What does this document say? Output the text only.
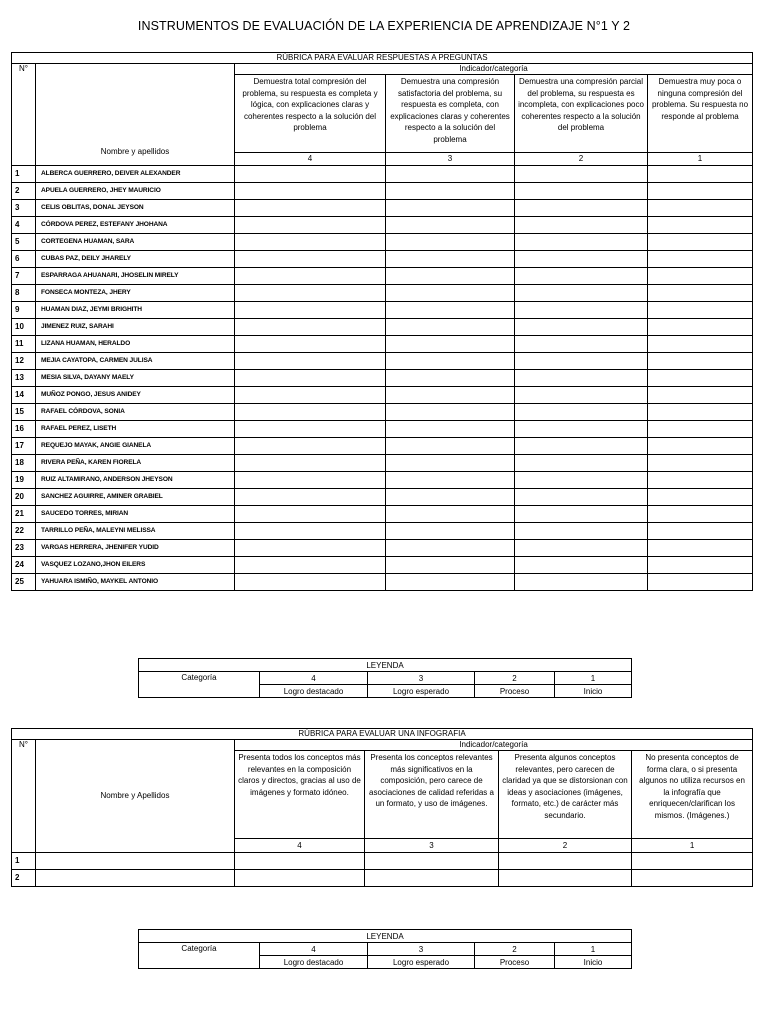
INSTRUMENTOS DE EVALUACIÓN DE LA EXPERIENCIA DE APRENDIZAJE N°1 Y 2
RÚBRICA PARA EVALUAR RESPUESTAS A PREGUNTAS					
N°	Nombre y apellidos	Indicador/categoría			
		Demuestra total compresión del problema, su respuesta es completa y lógica, con explicaciones claras y coherentes respecto a la solución del problema	Demuestra una compresión satisfactoria del problema, su respuesta es completa, con explicaciones claras y coherentes respecto a la solución del problema	Demuestra una compresión parcial del problema, su respuesta es incompleta, con explicaciones poco coherentes respecto a la solución del problema	Demuestra muy poca o ninguna compresión del problema. Su respuesta no responde al problema
		4	3	2	1
1	ALBERCA GUERRERO, DEIVER ALEXANDER				
2	APUELA GUERRERO, JHEY MAURICIO				
3	CELIS OBLITAS, DONAL JEYSON				
4	CÓRDOVA PEREZ, ESTEFANY JHOHANA				
5	CORTEGENA HUAMAN, SARA				
6	CUBAS PAZ, DEILY JHARELY				
7	ESPARRAGA AHUANARI, JHOSELIN MIRELY				
8	FONSECA MONTEZA, JHERY				
9	HUAMAN DIAZ, JEYMI BRIGHITH				
10	JIMENEZ RUIZ, SARAHI				
11	LIZANA HUAMAN, HERALDO				
12	MEJIA CAYATOPA, CARMEN JULISA				
13	MESIA SILVA, DAYANY MAELY				
14	MUÑOZ PONGO, JESUS ANIDEY				
15	RAFAEL CÓRDOVA, SONIA				
16	RAFAEL PEREZ, LISETH				
17	REQUEJO MAYAK, ANGIE GIANELA				
18	RIVERA PEÑA, KAREN FIORELA				
19	RUIZ ALTAMIRANO, ANDERSON JHEYSON				
20	SANCHEZ AGUIRRE, AMINER GRABIEL				
21	SAUCEDO TORRES, MIRIAN				
22	TARRILLO PEÑA, MALEYNI MELISSA				
23	VARGAS HERRERA, JHENIFER YUDID				
24	VASQUEZ LOZANO,JHON EILERS				
25	YAHUARA ISMIÑO, MAYKEL ANTONIO				
LEYENDA				
Categoría	4	3	2	1
	Logro destacado	Logro esperado	Proceso	Inicio
RÚBRICA PARA EVALUAR UNA INFOGRAFIA					
N°	Nombre y Apellidos	Indicador/categoría			
		Presenta todos los conceptos más relevantes en la composición claros y directos, gracias al uso de imágenes y formato idóneo.	Presenta los conceptos relevantes más significativos en la composición, pero carece de asociaciones de calidad referidas a un formato, y uso de imágenes.	Presenta algunos conceptos relevantes, pero carecen de claridad ya que se distorsionan con ideas y asociaciones (imágenes, formato, etc.) de carácter más secundario.	No presenta conceptos de forma clara, o si presenta algunos no utiliza recursos en la infografía que enriquecen/clarifican los mismos. (Imágenes.)
		4	3	2	1
1					
2					
LEYENDA				
Categoría	4	3	2	1
	Logro destacado	Logro esperado	Proceso	Inicio
